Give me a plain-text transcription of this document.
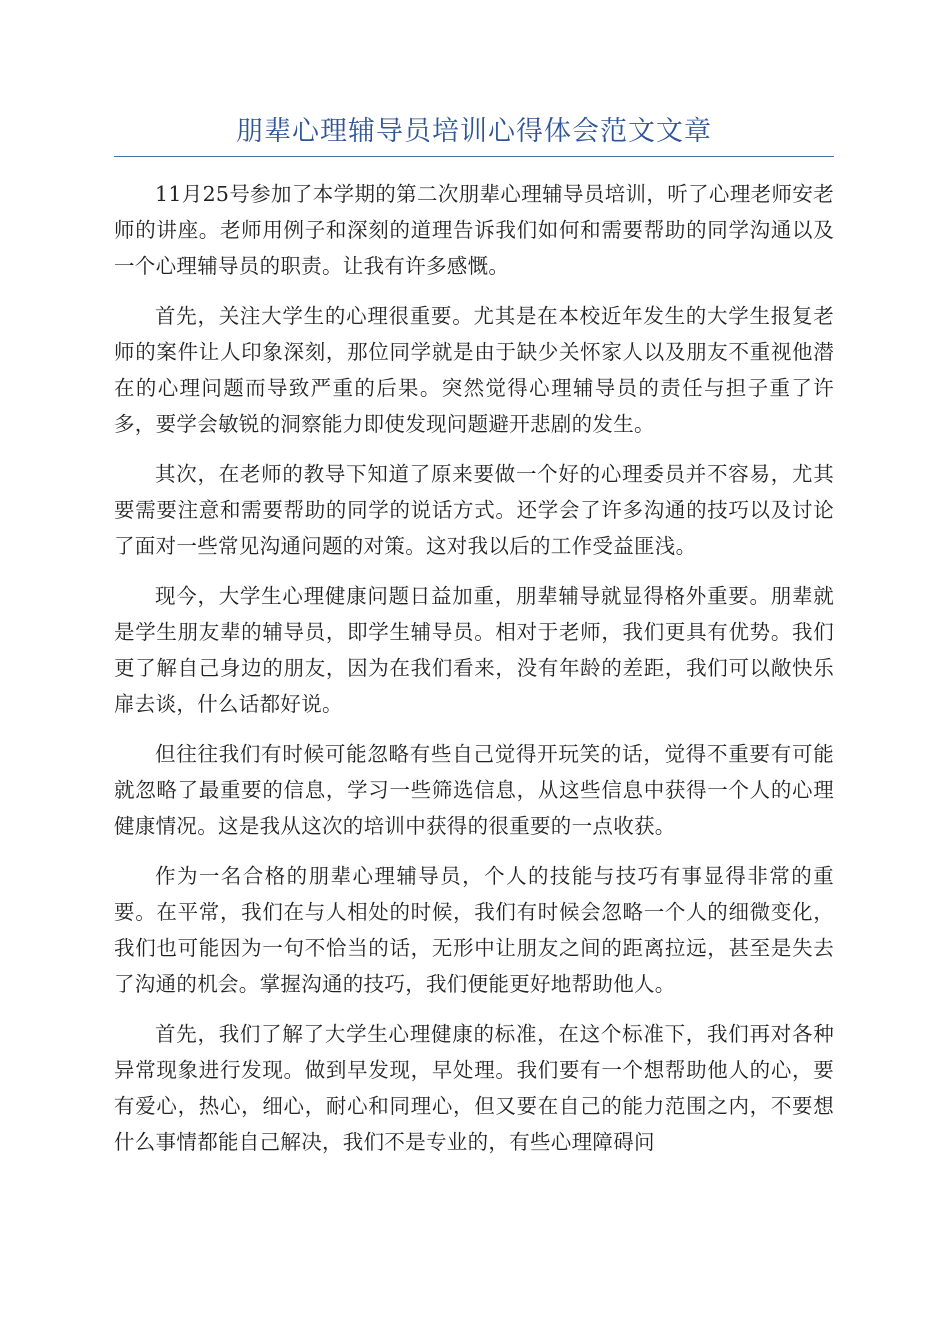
朋辈心理辅导员培训心得体会范文文章

11月25号参加了本学期的第二次朋辈心理辅导员培训，听了心理老师安老师的讲座。老师用例子和深刻的道理告诉我们如何和需要帮助的同学沟通以及一个心理辅导员的职责。让我有许多感慨。

首先，关注大学生的心理很重要。尤其是在本校近年发生的大学生报复老师的案件让人印象深刻，那位同学就是由于缺少关怀家人以及朋友不重视他潜在的心理问题而导致严重的后果。突然觉得心理辅导员的责任与担子重了许多，要学会敏锐的洞察能力即使发现问题避开悲剧的发生。

其次，在老师的教导下知道了原来要做一个好的心理委员并不容易，尤其要需要注意和需要帮助的同学的说话方式。还学会了许多沟通的技巧以及讨论了面对一些常见沟通问题的对策。这对我以后的工作受益匪浅。

现今，大学生心理健康问题日益加重，朋辈辅导就显得格外重要。朋辈就是学生朋友辈的辅导员，即学生辅导员。相对于老师，我们更具有优势。我们更了解自己身边的朋友，因为在我们看来，没有年龄的差距，我们可以敞快乐扉去谈，什么话都好说。

但往往我们有时候可能忽略有些自己觉得开玩笑的话，觉得不重要有可能就忽略了最重要的信息，学习一些筛选信息，从这些信息中获得一个人的心理健康情况。这是我从这次的培训中获得的很重要的一点收获。

作为一名合格的朋辈心理辅导员，个人的技能与技巧有事显得非常的重要。在平常，我们在与人相处的时候，我们有时候会忽略一个人的细微变化，我们也可能因为一句不恰当的话，无形中让朋友之间的距离拉远，甚至是失去了沟通的机会。掌握沟通的技巧，我们便能更好地帮助他人。

首先，我们了解了大学生心理健康的标准，在这个标准下，我们再对各种异常现象进行发现。做到早发现，早处理。我们要有一个想帮助他人的心，要有爱心，热心，细心，耐心和同理心，但又要在自己的能力范围之内，不要想什么事情都能自己解决，我们不是专业的，有些心理障碍问
